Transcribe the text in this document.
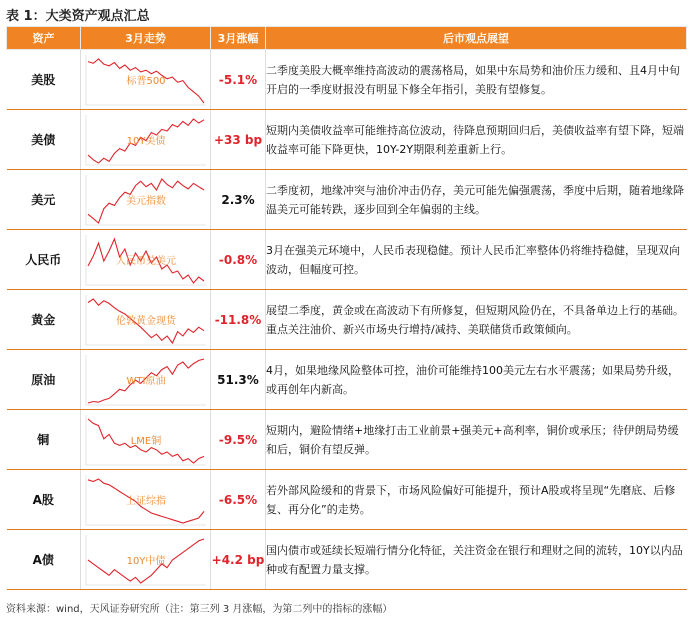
表 1：大类资产观点汇总
资产	3月走势	3月涨幅	后市观点展望
美股	标普500	-5.1%	二季度美股大概率维持高波动的震荡格局，如果中东局势和油价压力缓和、且4月中旬开启的一季度财报没有明显下修全年指引，美股有望修复。
美债	10Y美债	+33 bp	短期内美债收益率可能维持高位波动，待降息预期回归后，美债收益率有望下降，短端收益率可能下降更快，10Y-2Y期限利差重新上行。
美元	美元指数	2.3%	二季度初，地缘冲突与油价冲击仍存，美元可能先偏强震荡，季度中后期，随着地缘降温美元可能转跌，逐步回到全年偏弱的主线。
人民币	人民币兑美元	-0.8%	3月在强美元环境中，人民币表现稳健。预计人民币汇率整体仍将维持稳健，呈现双向波动，但幅度可控。
黄金	伦敦黄金现货	-11.8%	展望二季度，黄金或在高波动下有所修复，但短期风险仍在，不具备单边上行的基础。重点关注油价、新兴市场央行增持/减持、美联储货币政策倾向。
原油	WTI原油	51.3%	4月，如果地缘风险整体可控，油价可能维持100美元左右水平震荡；如果局势升级，或再创年内新高。
铜	LME铜	-9.5%	短期内，避险情绪+地缘打击工业前景+强美元+高利率，铜价或承压；待伊朗局势缓和后，铜价有望反弹。
A股	上证综指	-6.5%	若外部风险缓和的背景下，市场风险偏好可能提升，预计A股或将呈现“先磨底、后修复、再分化”的走势。
A债	10Y中债	+4.2 bp	国内债市或延续长短端行情分化特征，关注资金在银行和理财之间的流转，10Y以内品种或有配置力量支撑。
资料来源：wind，天风证券研究所（注：第三列 3 月涨幅，为第二列中的指标的涨幅）
